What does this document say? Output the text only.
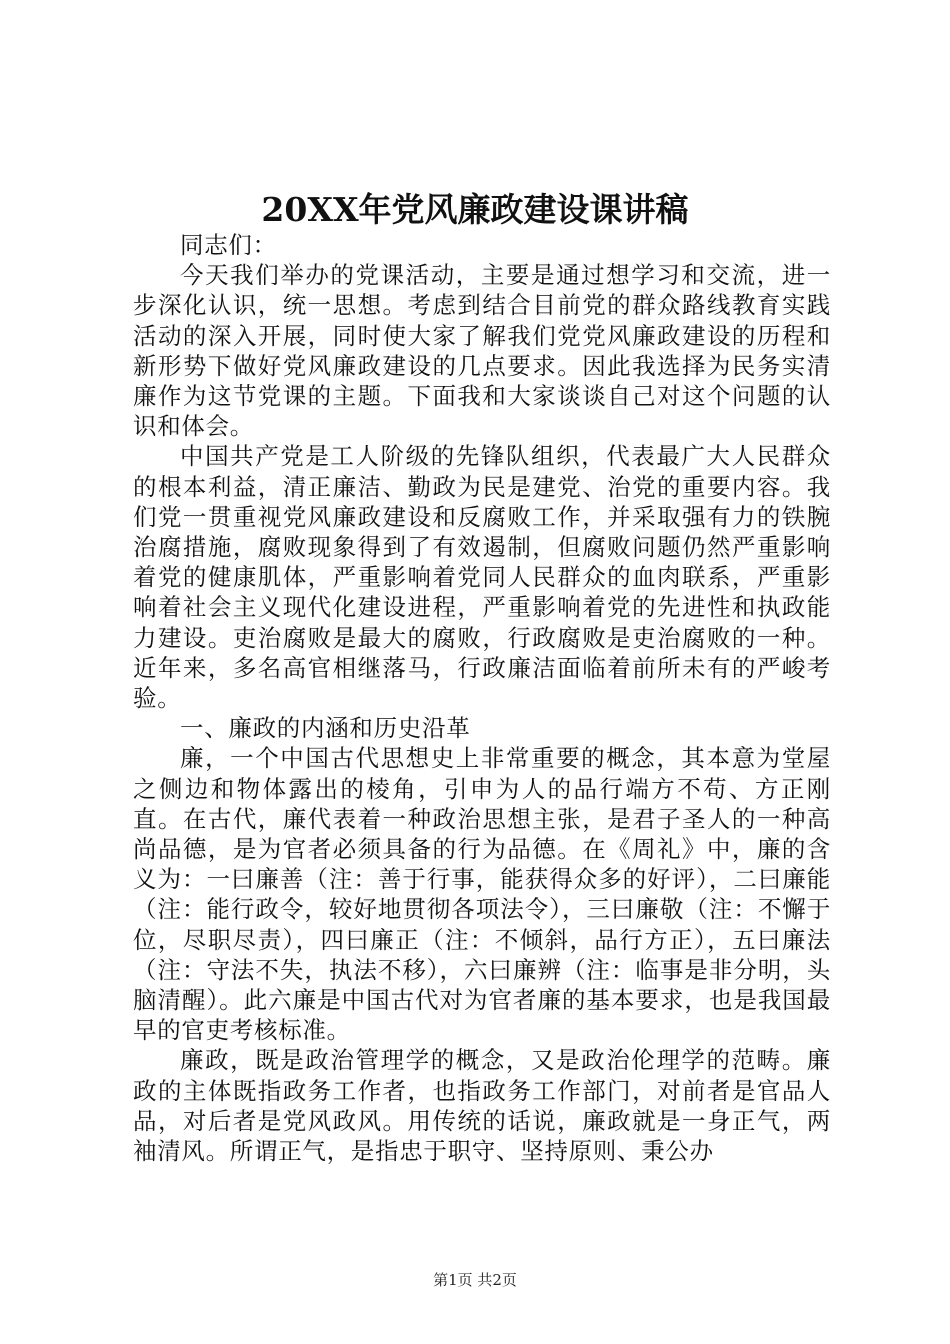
20XX年党风廉政建设课讲稿

同志们：

今天我们举办的党课活动，主要是通过想学习和交流，进一步深化认识，统一思想。考虑到结合目前党的群众路线教育实践活动的深入开展，同时使大家了解我们党党风廉政建设的历程和新形势下做好党风廉政建设的几点要求。因此我选择为民务实清廉作为这节党课的主题。下面我和大家谈谈自己对这个问题的认识和体会。

中国共产党是工人阶级的先锋队组织，代表最广大人民群众的根本利益，清正廉洁、勤政为民是建党、治党的重要内容。我们党一贯重视党风廉政建设和反腐败工作，并采取强有力的铁腕治腐措施，腐败现象得到了有效遏制，但腐败问题仍然严重影响着党的健康肌体，严重影响着党同人民群众的血肉联系，严重影响着社会主义现代化建设进程，严重影响着党的先进性和执政能力建设。吏治腐败是最大的腐败，行政腐败是吏治腐败的一种。近年来，多名高官相继落马，行政廉洁面临着前所未有的严峻考验。

一、廉政的内涵和历史沿革

廉，一个中国古代思想史上非常重要的概念，其本意为堂屋之侧边和物体露出的棱角，引申为人的品行端方不苟、方正刚直。在古代，廉代表着一种政治思想主张，是君子圣人的一种高尚品德，是为官者必须具备的行为品德。在《周礼》中，廉的含义为：一曰廉善（注：善于行事，能获得众多的好评），二曰廉能（注：能行政令，较好地贯彻各项法令），三曰廉敬（注：不懈于位，尽职尽责），四曰廉正（注：不倾斜，品行方正），五曰廉法（注：守法不失，执法不移），六曰廉辨（注：临事是非分明，头脑清醒）。此六廉是中国古代对为官者廉的基本要求，也是我国最早的官吏考核标准。

廉政，既是政治管理学的概念，又是政治伦理学的范畴。廉政的主体既指政务工作者，也指政务工作部门，对前者是官品人品，对后者是党风政风。用传统的话说，廉政就是一身正气，两袖清风。所谓正气，是指忠于职守、坚持原则、秉公办

第1页 共2页
